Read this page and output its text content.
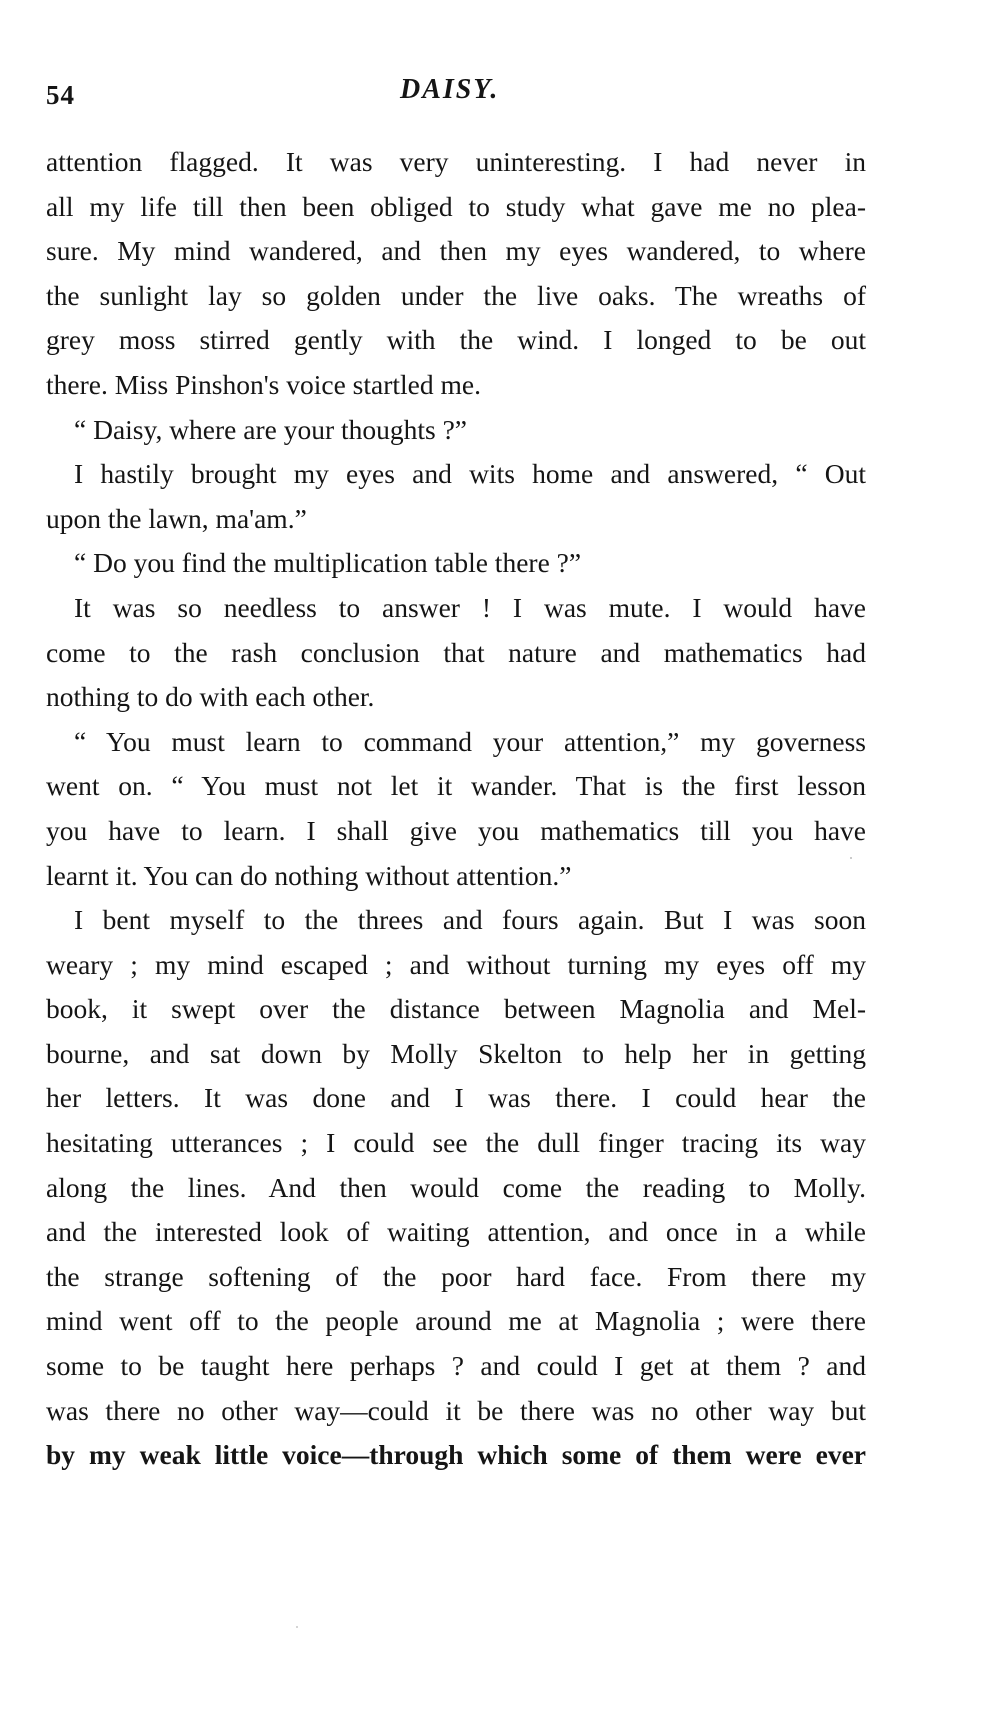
54	DAISY.
attention flagged. It was very uninteresting. I had never in
all my life till then been obliged to study what gave me no plea-
sure. My mind wandered, and then my eyes wandered, to where
the sunlight lay so golden under the live oaks. The wreaths of
grey moss stirred gently with the wind. I longed to be out
there. Miss Pinshon's voice startled me.
“ Daisy, where are your thoughts ?”
I hastily brought my eyes and wits home and answered, “ Out
upon the lawn, ma'am.”
“ Do you find the multiplication table there ?”
It was so needless to answer ! I was mute. I would have
come to the rash conclusion that nature and mathematics had
nothing to do with each other.
“ You must learn to command your attention,” my governess
went on. “ You must not let it wander. That is the first lesson
you have to learn. I shall give you mathematics till you have
learnt it. You can do nothing without attention.”
I bent myself to the threes and fours again. But I was soon
weary ; my mind escaped ; and without turning my eyes off my
book, it swept over the distance between Magnolia and Mel-
bourne, and sat down by Molly Skelton to help her in getting
her letters. It was done and I was there. I could hear the
hesitating utterances ; I could see the dull finger tracing its way
along the lines. And then would come the reading to Molly.
and the interested look of waiting attention, and once in a while
the strange softening of the poor hard face. From there my
mind went off to the people around me at Magnolia ; were there
some to be taught here perhaps ? and could I get at them ? and
was there no other way—could it be there was no other way but
by my weak little voice—through which some of them were ever
